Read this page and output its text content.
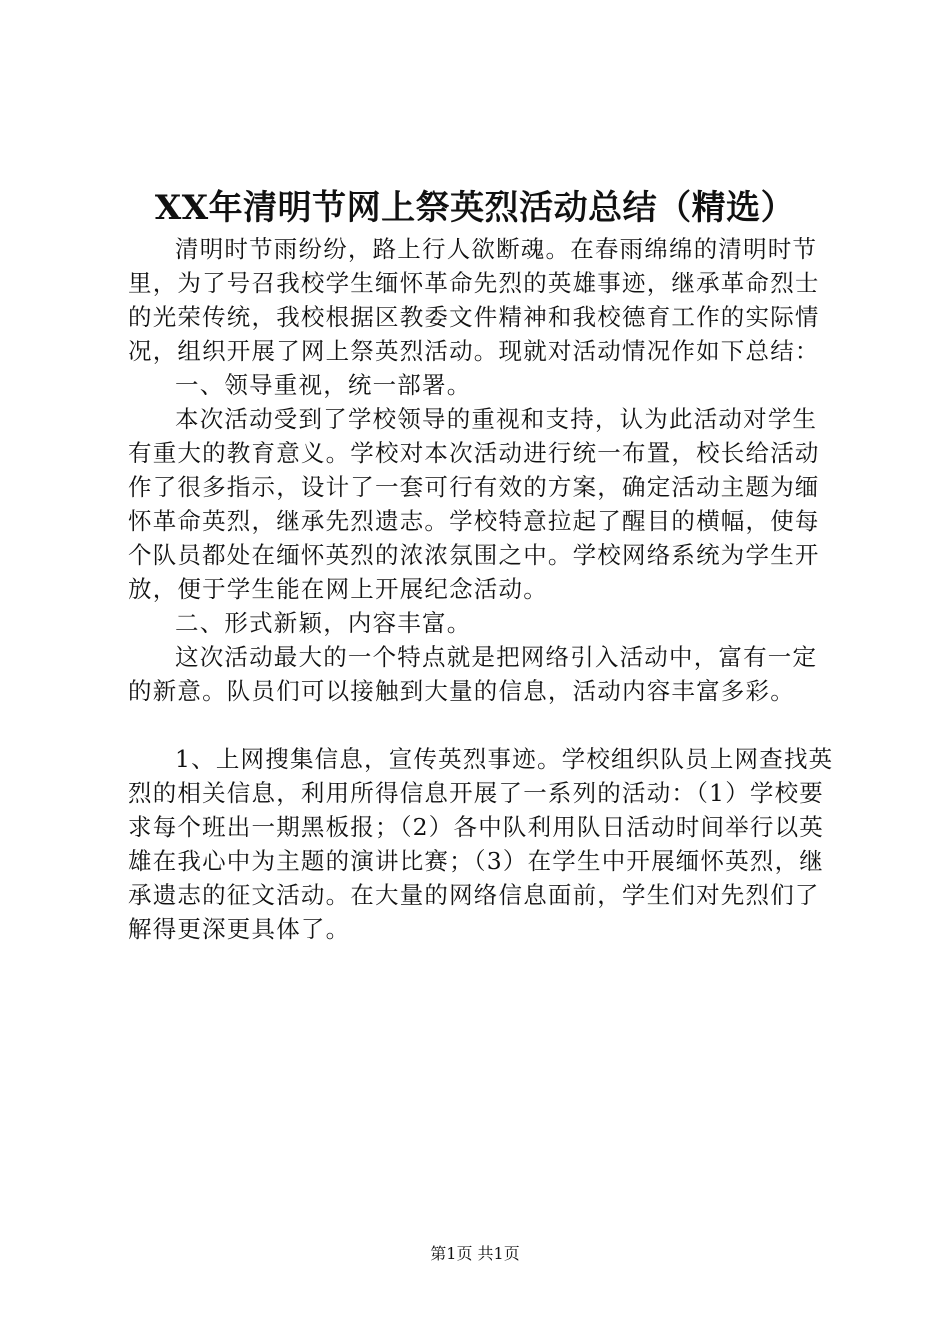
XX年清明节网上祭英烈活动总结（精选）

清明时节雨纷纷，路上行人欲断魂。在春雨绵绵的清明时节里，为了号召我校学生缅怀革命先烈的英雄事迹，继承革命烈士的光荣传统，我校根据区教委文件精神和我校德育工作的实际情况，组织开展了网上祭英烈活动。现就对活动情况作如下总结：

一、领导重视，统一部署。

本次活动受到了学校领导的重视和支持，认为此活动对学生有重大的教育意义。学校对本次活动进行统一布置，校长给活动作了很多指示，设计了一套可行有效的方案，确定活动主题为缅怀革命英烈，继承先烈遗志。学校特意拉起了醒目的横幅，使每个队员都处在缅怀英烈的浓浓氛围之中。学校网络系统为学生开放，便于学生能在网上开展纪念活动。

二、形式新颖，内容丰富。

这次活动最大的一个特点就是把网络引入活动中，富有一定的新意。队员们可以接触到大量的信息，活动内容丰富多彩。

1、上网搜集信息，宣传英烈事迹。学校组织队员上网查找英烈的相关信息，利用所得信息开展了一系列的活动：（1）学校要求每个班出一期黑板报；（2）各中队利用队日活动时间举行以英雄在我心中为主题的演讲比赛；（3）在学生中开展缅怀英烈，继承遗志的征文活动。在大量的网络信息面前，学生们对先烈们了解得更深更具体了。

第1页 共1页
